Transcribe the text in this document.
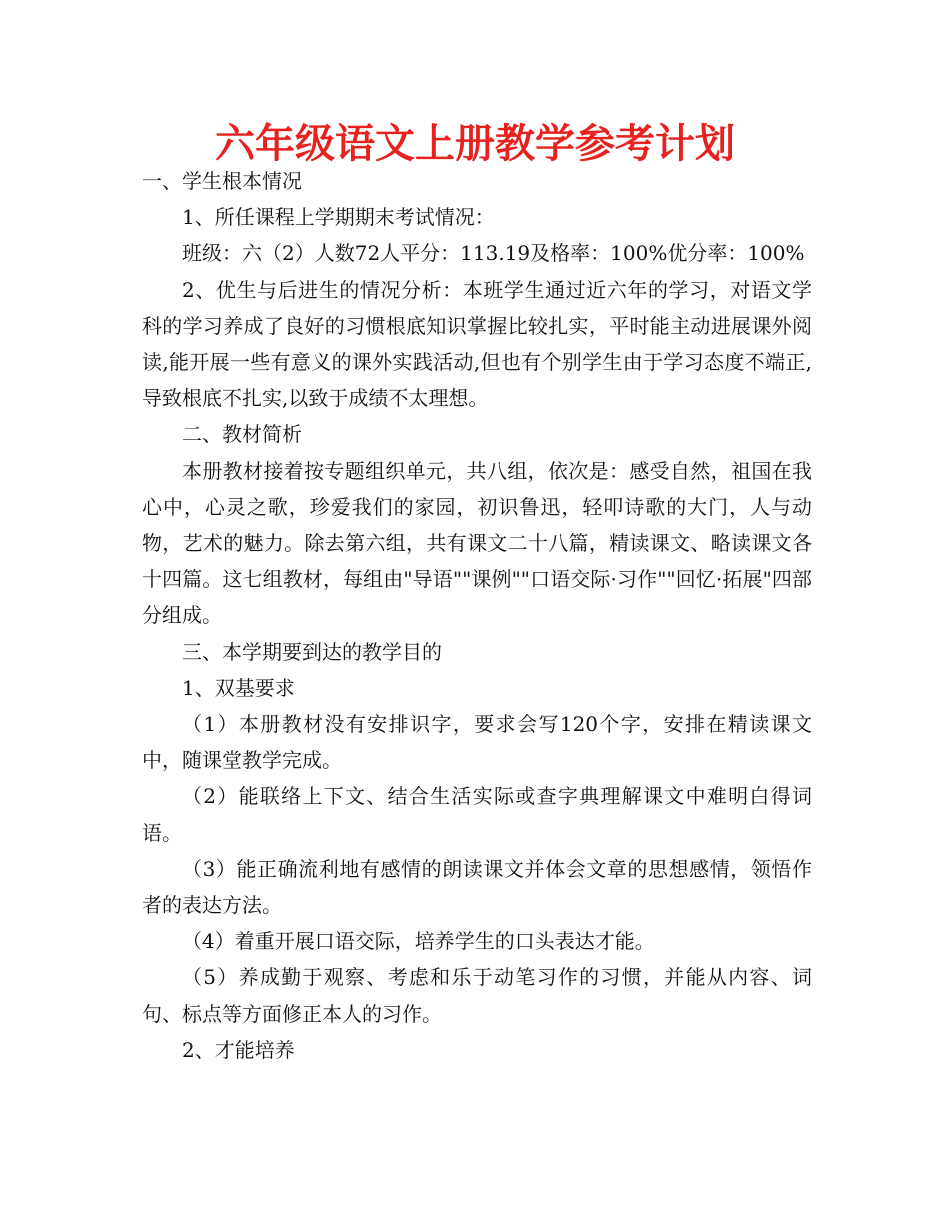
六年级语文上册教学参考计划

一、学生根本情况

1、所任课程上学期期末考试情况：

班级：六（2）人数72人平分：113.19及格率：100%优分率：100%

2、优生与后进生的情况分析：本班学生通过近六年的学习，对语文学科的学习养成了良好的习惯根底知识掌握比较扎实，平时能主动进展课外阅读,能开展一些有意义的课外实践活动,但也有个别学生由于学习态度不端正,导致根底不扎实,以致于成绩不太理想。

二、教材简析

本册教材接着按专题组织单元，共八组，依次是：感受自然，祖国在我心中，心灵之歌，珍爱我们的家园，初识鲁迅，轻叩诗歌的大门，人与动物，艺术的魅力。除去第六组，共有课文二十八篇，精读课文、略读课文各十四篇。这七组教材，每组由"导语""课例""口语交际·习作""回忆·拓展"四部分组成。

三、本学期要到达的教学目的

1、双基要求

（1）本册教材没有安排识字，要求会写120个字，安排在精读课文中，随课堂教学完成。

（2）能联络上下文、结合生活实际或查字典理解课文中难明白得词语。

（3）能正确流利地有感情的朗读课文并体会文章的思想感情，领悟作者的表达方法。

（4）着重开展口语交际，培养学生的口头表达才能。

（5）养成勤于观察、考虑和乐于动笔习作的习惯，并能从内容、词句、标点等方面修正本人的习作。

2、才能培养
